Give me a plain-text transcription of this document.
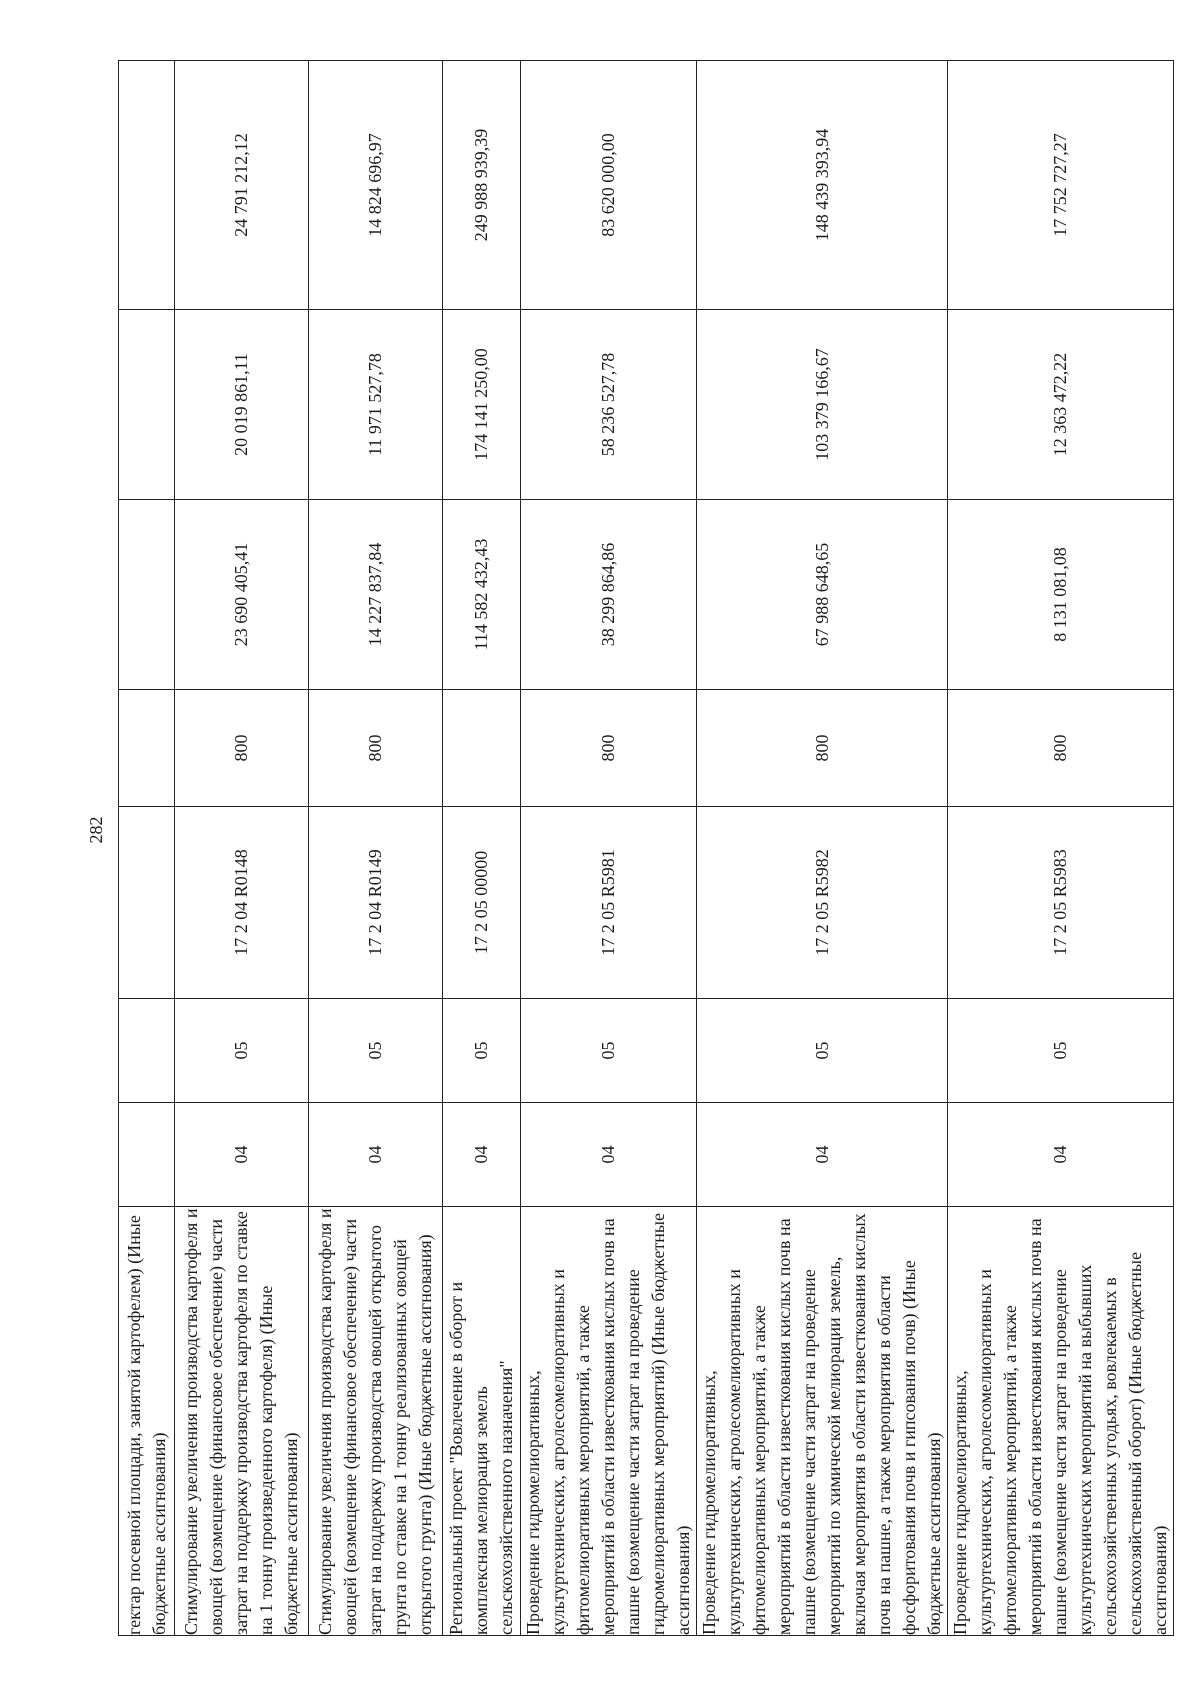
282
гектар посевной площади, занятой картофелем) (Иные бюджетные ассигнования)							
Стимулирование увеличения производства картофеля и овощей (возмещение (финансовое обеспечение) части затрат на поддержку производства картофеля по ставке на 1 тонну произведенного картофеля) (Иные бюджетные ассигнования)	04	05	17 2 04 R0148	800	23 690 405,41	20 019 861,11	24 791 212,12
Стимулирование увеличения производства картофеля и овощей (возмещение (финансовое обеспечение) части затрат на поддержку производства овощей открытого грунта по ставке на 1 тонну реализованных овощей открытого грунта) (Иные бюджетные ассигнования)	04	05	17 2 04 R0149	800	14 227 837,84	11 971 527,78	14 824 696,97
Региональный проект "Вовлечение в оборот и комплексная мелиорация земель сельскохозяйственного назначения"	04	05	17 2 05 00000		114 582 432,43	174 141 250,00	249 988 939,39
Проведение гидромелиоративных, культуртехнических, агролесомелиоративных и фитомелиоративных мероприятий, а также мероприятий в области известкования кислых почв на пашне (возмещение части затрат на проведение гидромелиоративных мероприятий) (Иные бюджетные ассигнования)	04	05	17 2 05 R5981	800	38 299 864,86	58 236 527,78	83 620 000,00
Проведение гидромелиоративных, культуртехнических, агролесомелиоративных и фитомелиоративных мероприятий, а также мероприятий в области известкования кислых почв на пашне (возмещение части затрат на проведение мероприятий по химической мелиорации земель, включая мероприятия в области известкования кислых почв на пашне, а также мероприятия в области фосфоритования почв и гипсования почв) (Иные бюджетные ассигнования)	04	05	17 2 05 R5982	800	67 988 648,65	103 379 166,67	148 439 393,94
Проведение гидромелиоративных, культуртехнических, агролесомелиоративных и фитомелиоративных мероприятий, а также мероприятий в области известкования кислых почв на пашне (возмещение части затрат на проведение культуртехнических мероприятий на выбывших сельскохозяйственных угодьях, вовлекаемых в сельскохозяйственный оборот) (Иные бюджетные ассигнования)	04	05	17 2 05 R5983	800	8 131 081,08	12 363 472,22	17 752 727,27
